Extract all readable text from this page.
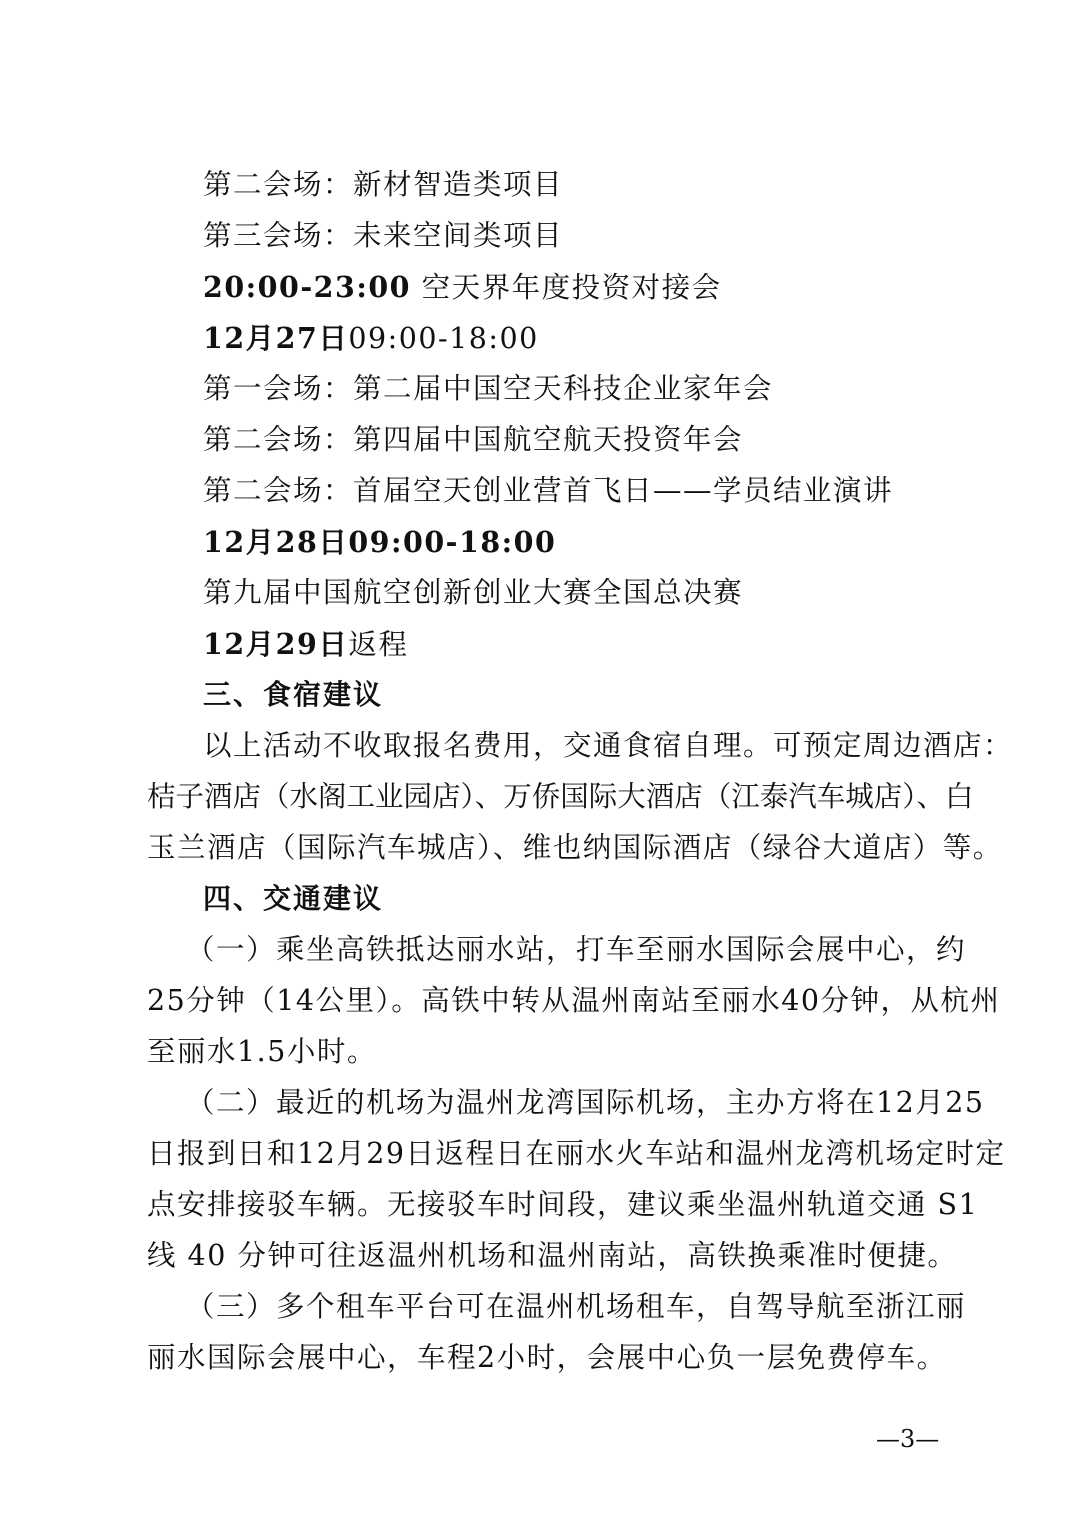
第二会场：新材智造类项目
第三会场：未来空间类项目
20:00-23:00 空天界年度投资对接会
12月27日09:00-18:00
第一会场：第二届中国空天科技企业家年会
第二会场：第四届中国航空航天投资年会
第二会场：首届空天创业营首飞日——学员结业演讲
12月28日09:00-18:00
第九届中国航空创新创业大赛全国总决赛
12月29日返程
三、食宿建议
以上活动不收取报名费用，交通食宿自理。可预定周边酒店：
桔子酒店（水阁工业园店）、万侨国际大酒店（江泰汽车城店）、白
玉兰酒店（国际汽车城店）、维也纳国际酒店（绿谷大道店）等。
四、交通建议
（一）乘坐高铁抵达丽水站，打车至丽水国际会展中心，约
25分钟（14公里）。高铁中转从温州南站至丽水40分钟，从杭州
至丽水1.5小时。
（二）最近的机场为温州龙湾国际机场，主办方将在12月25
日报到日和12月29日返程日在丽水火车站和温州龙湾机场定时定
点安排接驳车辆。无接驳车时间段，建议乘坐温州轨道交通 S1
线 40 分钟可往返温州机场和温州南站，高铁换乘准时便捷。
（三）多个租车平台可在温州机场租车，自驾导航至浙江丽
丽水国际会展中心，车程2小时，会展中心负一层免费停车。
—3—
